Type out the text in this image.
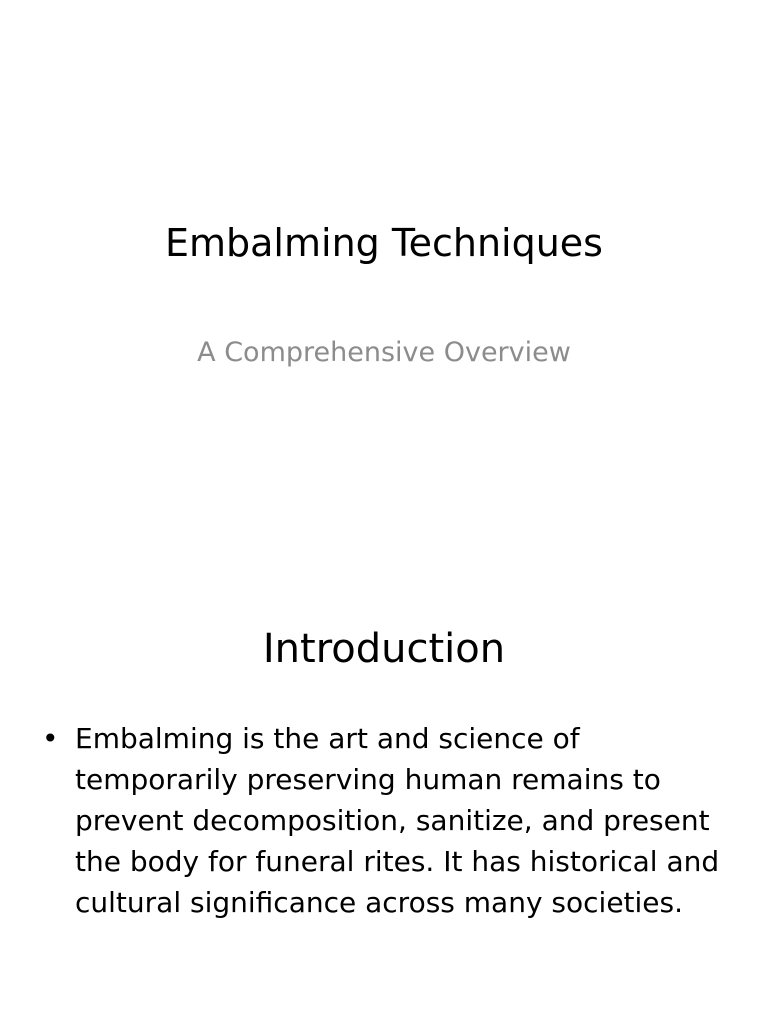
Embalming Techniques

A Comprehensive Overview

Introduction
• Embalming is the art and science of temporarily preserving human remains to prevent decomposition, sanitize, and present the body for funeral rites. It has historical and cultural significance across many societies.
